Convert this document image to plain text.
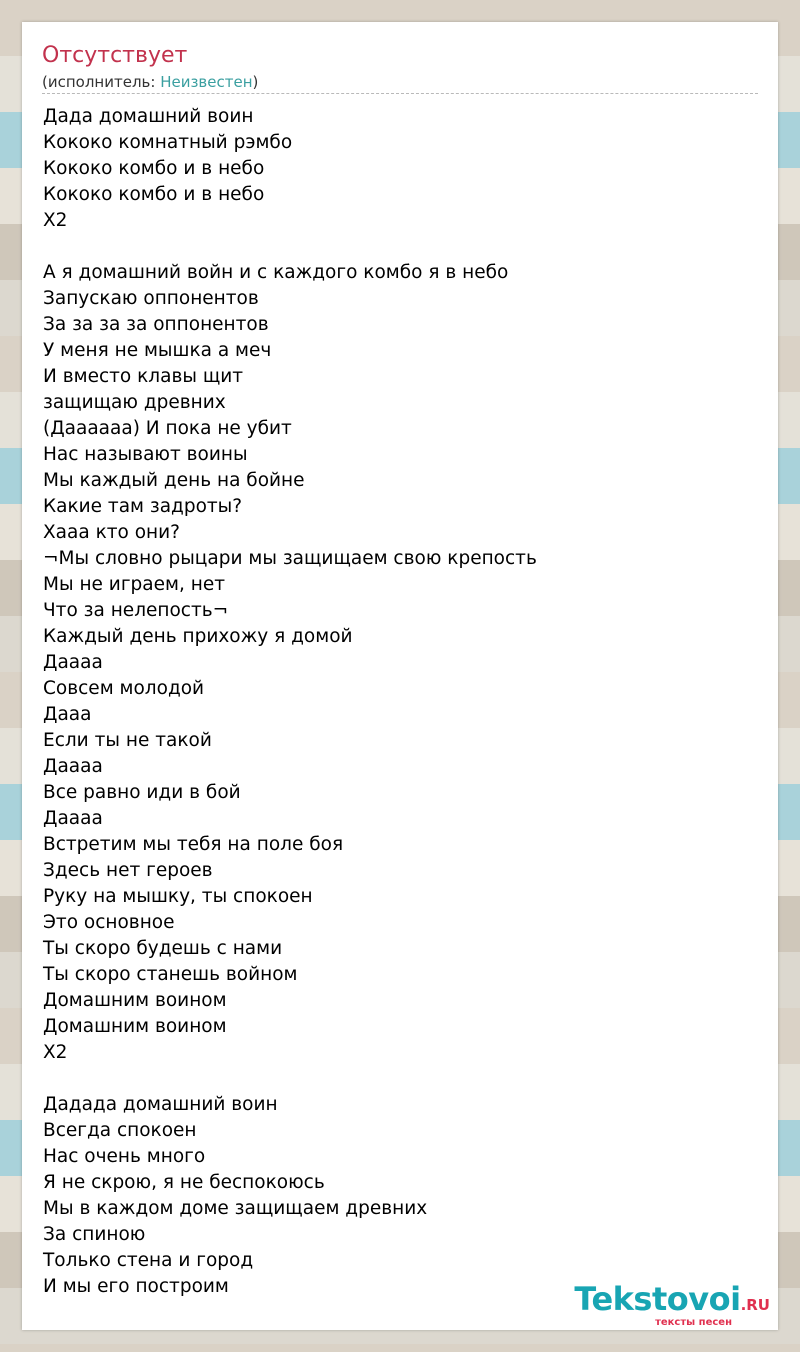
Отсутствует
(исполнитель: Неизвестен)
Дада домашний воин
Кококо комнатный рэмбо
Кококо комбо и в небо
Кококо комбо и в небо
X2
А я домашний войн и с каждого комбо я в небо
Запускаю оппонентов
За за за за оппонентов
У меня не мышка а меч
И вместо клавы щит
защищаю древних
(Даааааа) И пока не убит
Нас называют воины
Мы каждый день на бойне
Какие там задроты?
Хааа кто они?
¬Мы словно рыцари мы защищаем свою крепость
Мы не играем, нет
Что за нелепость¬
Каждый день прихожу я домой
Даааа
Совсем молодой
Дааа
Если ты не такой
Даааа
Все равно иди в бой
Даааа
Встретим мы тебя на поле боя
Здесь нет героев
Руку на мышку, ты спокоен
Это основное
Ты скоро будешь с нами
Ты скоро станешь войном
Домашним воином
Домашним воином
X2
Дадада домашний воин
Всегда спокоен
Нас очень много
Я не скрою, я не беспокоюсь
Мы в каждом доме защищаем древних
За спиною
Только стена и город
И мы его построим	Tekstovoi.RU
тексты песен
